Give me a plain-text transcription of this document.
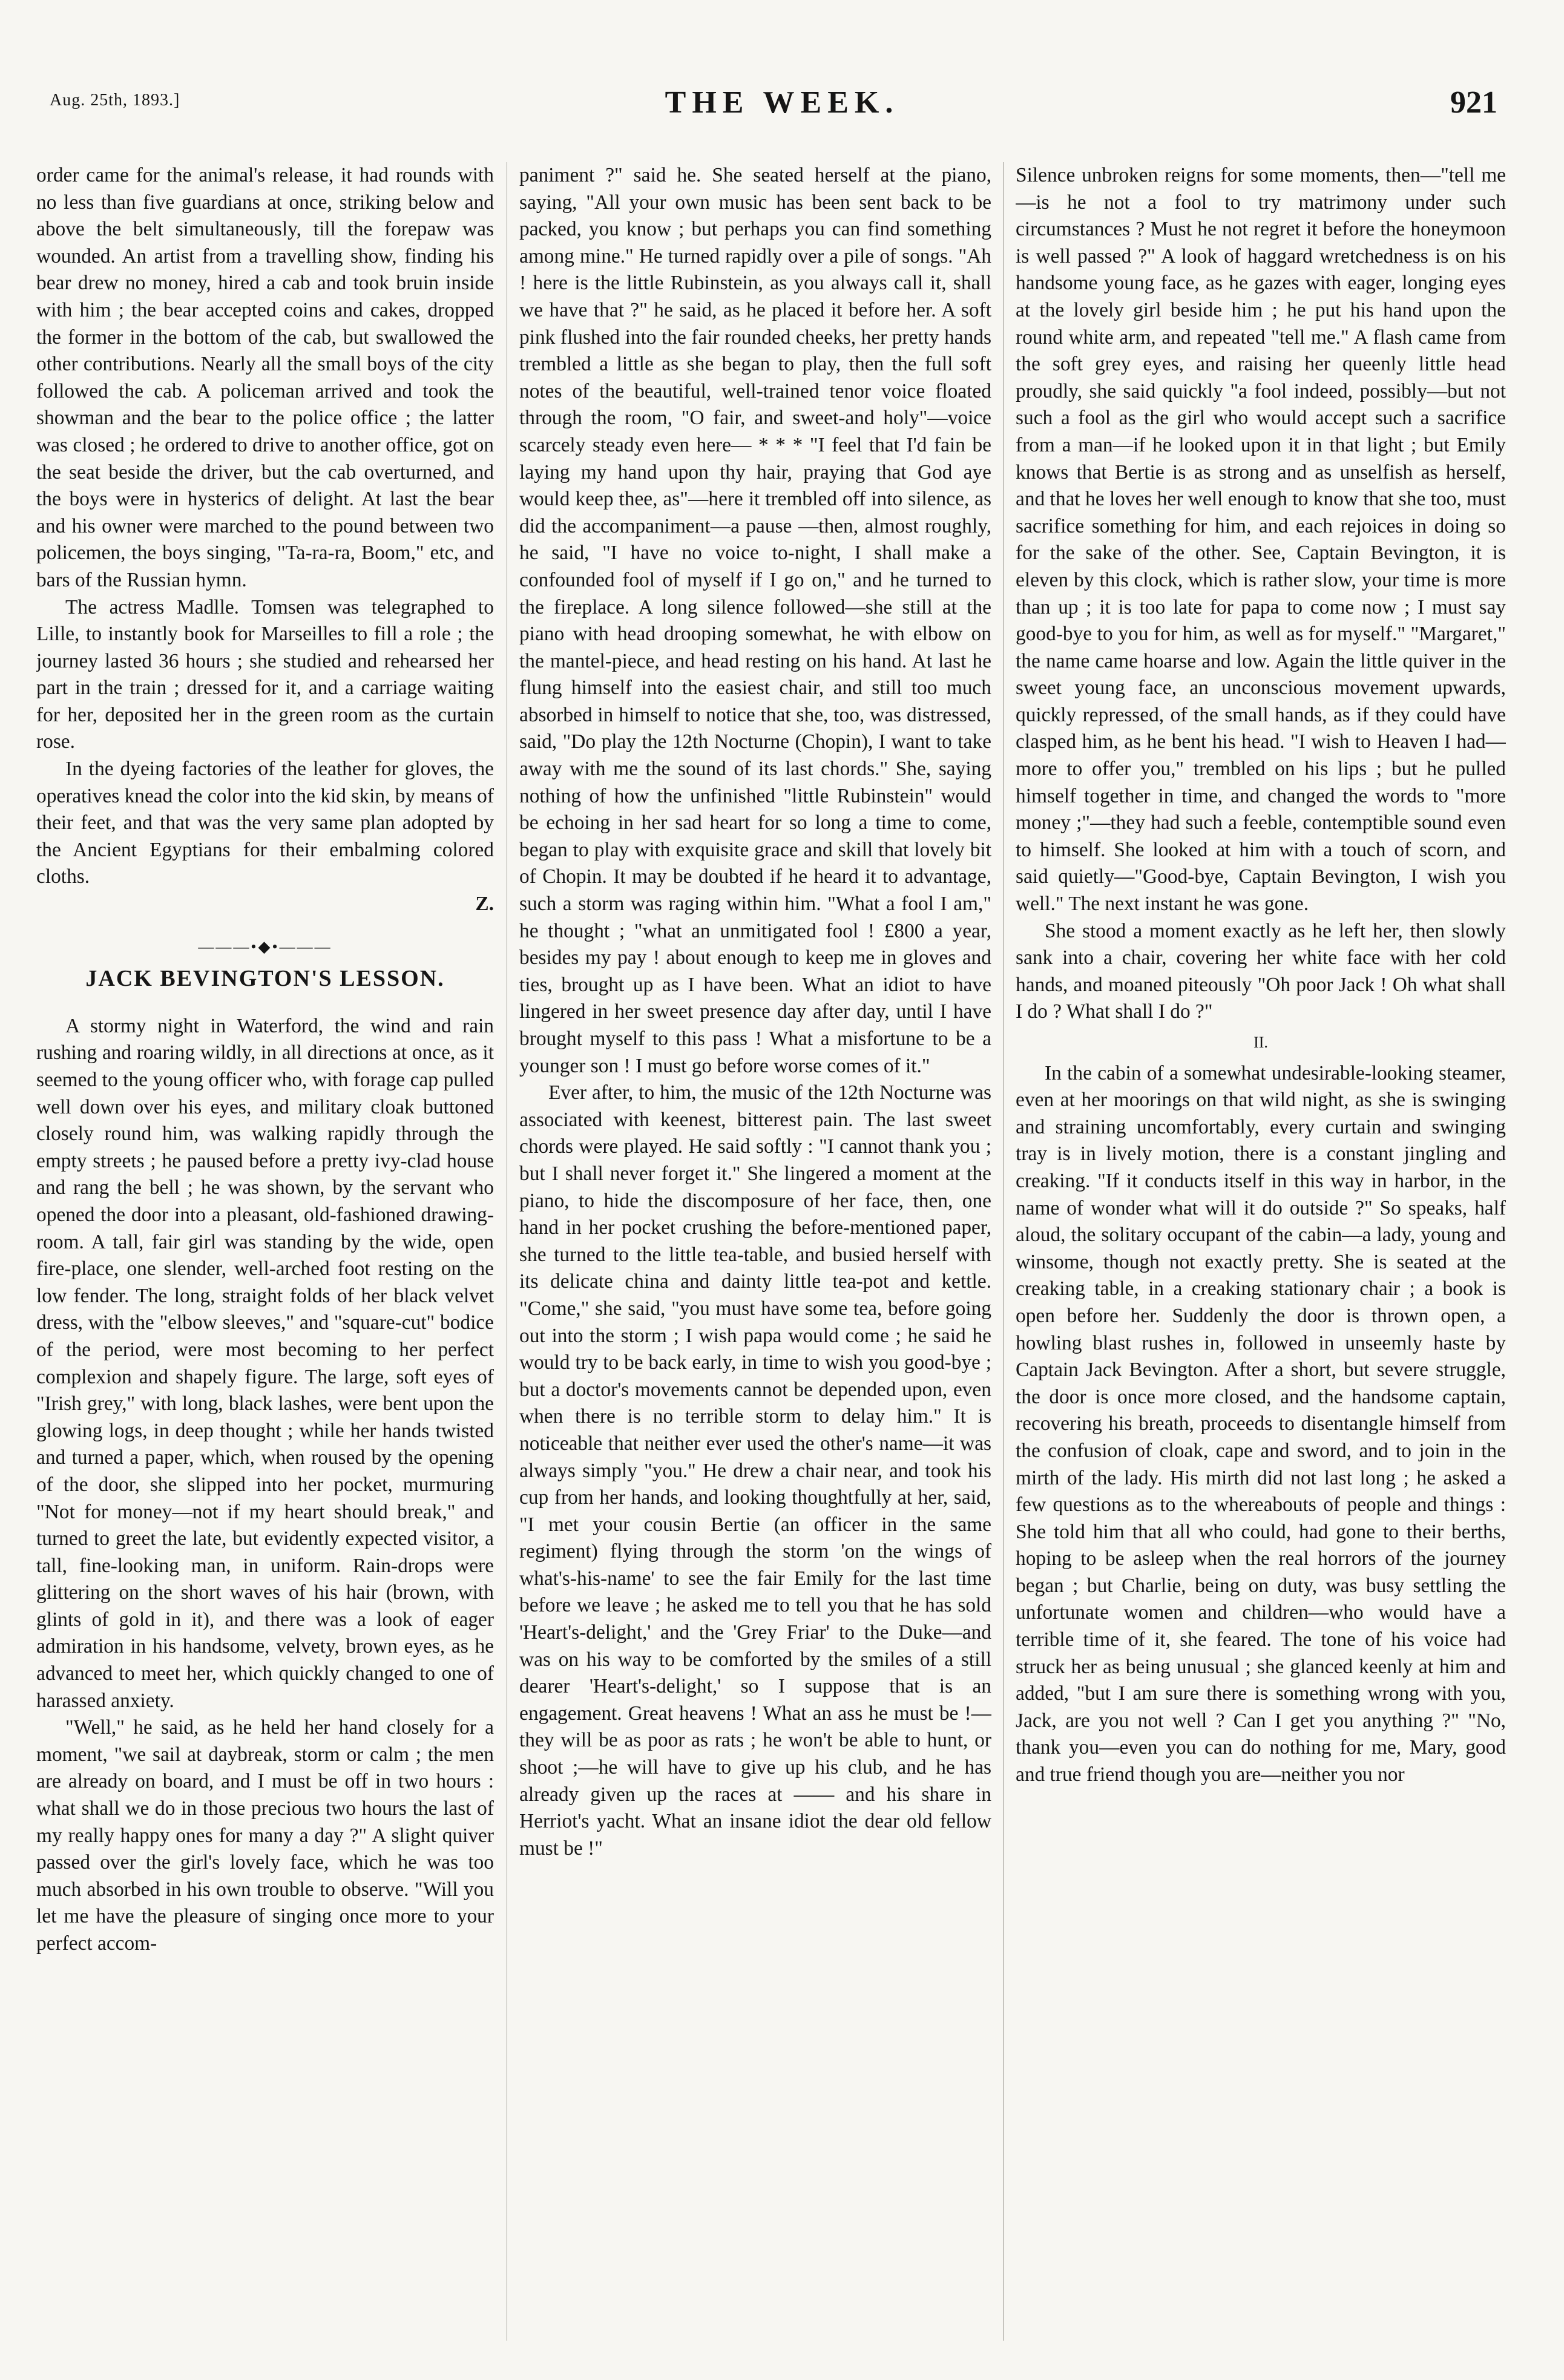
Aug. 25th, 1893.]	THE WEEK.	921

order came for the animal's release, it had rounds with no less than five guardians at once, striking below and above the belt simultaneously, till the forepaw was wounded. An artist from a travelling show, finding his bear drew no money, hired a cab and took bruin inside with him ; the bear accepted coins and cakes, dropped the former in the bottom of the cab, but swallowed the other contributions. Nearly all the small boys of the city followed the cab. A policeman arrived and took the showman and the bear to the police office ; the latter was closed ; he ordered to drive to another office, got on the seat beside the driver, but the cab overturned, and the boys were in hysterics of delight. At last the bear and his owner were marched to the pound between two policemen, the boys singing, "Ta-ra-ra, Boom," etc, and bars of the Russian hymn.

The actress Madlle. Tomsen was telegraphed to Lille, to instantly book for Marseilles to fill a role ; the journey lasted 36 hours ; she studied and rehearsed her part in the train ; dressed for it, and a carriage waiting for her, deposited her in the green room as the curtain rose.

In the dyeing factories of the leather for gloves, the operatives knead the color into the kid skin, by means of their feet, and that was the very same plan adopted by the Ancient Egyptians for their embalming colored cloths.

Z.

———•◆•———
JACK BEVINGTON'S LESSON.

A stormy night in Waterford, the wind and rain rushing and roaring wildly, in all directions at once, as it seemed to the young officer who, with forage cap pulled well down over his eyes, and military cloak buttoned closely round him, was walking rapidly through the empty streets ; he paused before a pretty ivy-clad house and rang the bell ; he was shown, by the servant who opened the door into a pleasant, old-fashioned drawing-room. A tall, fair girl was standing by the wide, open fire-place, one slender, well-arched foot resting on the low fender. The long, straight folds of her black velvet dress, with the "elbow sleeves," and "square-cut" bodice of the period, were most becoming to her perfect complexion and shapely figure. The large, soft eyes of "Irish grey," with long, black lashes, were bent upon the glowing logs, in deep thought ; while her hands twisted and turned a paper, which, when roused by the opening of the door, she slipped into her pocket, murmuring "Not for money—not if my heart should break," and turned to greet the late, but evidently expected visitor, a tall, fine-looking man, in uniform. Rain-drops were glittering on the short waves of his hair (brown, with glints of gold in it), and there was a look of eager admiration in his handsome, velvety, brown eyes, as he advanced to meet her, which quickly changed to one of harassed anxiety.

"Well," he said, as he held her hand closely for a moment, "we sail at daybreak, storm or calm ; the men are already on board, and I must be off in two hours : what shall we do in those precious two hours the last of my really happy ones for many a day ?" A slight quiver passed over the girl's lovely face, which he was too much absorbed in his own trouble to observe. "Will you let me have the pleasure of singing once more to your perfect accom-

paniment ?" said he. She seated herself at the piano, saying, "All your own music has been sent back to be packed, you know ; but perhaps you can find something among mine." He turned rapidly over a pile of songs. "Ah ! here is the little Rubinstein, as you always call it, shall we have that ?" he said, as he placed it before her. A soft pink flushed into the fair rounded cheeks, her pretty hands trembled a little as she began to play, then the full soft notes of the beautiful, well-trained tenor voice floated through the room, "O fair, and sweet-and holy"—voice scarcely steady even here— * * * "I feel that I'd fain be laying my hand upon thy hair, praying that God aye would keep thee, as"—here it trembled off into silence, as did the accompaniment—a pause —then, almost roughly, he said, "I have no voice to-night, I shall make a confounded fool of myself if I go on," and he turned to the fireplace. A long silence followed—she still at the piano with head drooping somewhat, he with elbow on the mantel-piece, and head resting on his hand. At last he flung himself into the easiest chair, and still too much absorbed in himself to notice that she, too, was distressed, said, "Do play the 12th Nocturne (Chopin), I want to take away with me the sound of its last chords." She, saying nothing of how the unfinished "little Rubinstein" would be echoing in her sad heart for so long a time to come, began to play with exquisite grace and skill that lovely bit of Chopin. It may be doubted if he heard it to advantage, such a storm was raging within him. "What a fool I am," he thought ; "what an unmitigated fool ! £800 a year, besides my pay ! about enough to keep me in gloves and ties, brought up as I have been. What an idiot to have lingered in her sweet presence day after day, until I have brought myself to this pass ! What a misfortune to be a younger son ! I must go before worse comes of it."

Ever after, to him, the music of the 12th Nocturne was associated with keenest, bitterest pain. The last sweet chords were played. He said softly : "I cannot thank you ; but I shall never forget it." She lingered a moment at the piano, to hide the discomposure of her face, then, one hand in her pocket crushing the before-mentioned paper, she turned to the little tea-table, and busied herself with its delicate china and dainty little tea-pot and kettle. "Come," she said, "you must have some tea, before going out into the storm ; I wish papa would come ; he said he would try to be back early, in time to wish you good-bye ; but a doctor's movements cannot be depended upon, even when there is no terrible storm to delay him." It is noticeable that neither ever used the other's name—it was always simply "you." He drew a chair near, and took his cup from her hands, and looking thoughtfully at her, said, "I met your cousin Bertie (an officer in the same regiment) flying through the storm 'on the wings of what's-his-name' to see the fair Emily for the last time before we leave ; he asked me to tell you that he has sold 'Heart's-delight,' and the 'Grey Friar' to the Duke—and was on his way to be comforted by the smiles of a still dearer 'Heart's-delight,' so I suppose that is an engagement. Great heavens ! What an ass he must be !—they will be as poor as rats ; he won't be able to hunt, or shoot ;—he will have to give up his club, and he has already given up the races at —— and his share in Herriot's yacht. What an insane idiot the dear old fellow must be !"

Silence unbroken reigns for some moments, then—"tell me—is he not a fool to try matrimony under such circumstances ? Must he not regret it before the honeymoon is well passed ?" A look of haggard wretchedness is on his handsome young face, as he gazes with eager, longing eyes at the lovely girl beside him ; he put his hand upon the round white arm, and repeated "tell me." A flash came from the soft grey eyes, and raising her queenly little head proudly, she said quickly "a fool indeed, possibly—but not such a fool as the girl who would accept such a sacrifice from a man—if he looked upon it in that light ; but Emily knows that Bertie is as strong and as unselfish as herself, and that he loves her well enough to know that she too, must sacrifice something for him, and each rejoices in doing so for the sake of the other. See, Captain Bevington, it is eleven by this clock, which is rather slow, your time is more than up ; it is too late for papa to come now ; I must say good-bye to you for him, as well as for myself." "Margaret," the name came hoarse and low. Again the little quiver in the sweet young face, an unconscious movement upwards, quickly repressed, of the small hands, as if they could have clasped him, as he bent his head. "I wish to Heaven I had—more to offer you," trembled on his lips ; but he pulled himself together in time, and changed the words to "more money ;"—they had such a feeble, contemptible sound even to himself. She looked at him with a touch of scorn, and said quietly—"Good-bye, Captain Bevington, I wish you well." The next instant he was gone.

She stood a moment exactly as he left her, then slowly sank into a chair, covering her white face with her cold hands, and moaned piteously "Oh poor Jack ! Oh what shall I do ? What shall I do ?"

II.

In the cabin of a somewhat undesirable-looking steamer, even at her moorings on that wild night, as she is swinging and straining uncomfortably, every curtain and swinging tray is in lively motion, there is a constant jingling and creaking. "If it conducts itself in this way in harbor, in the name of wonder what will it do outside ?" So speaks, half aloud, the solitary occupant of the cabin—a lady, young and winsome, though not exactly pretty. She is seated at the creaking table, in a creaking stationary chair ; a book is open before her. Suddenly the door is thrown open, a howling blast rushes in, followed in unseemly haste by Captain Jack Bevington. After a short, but severe struggle, the door is once more closed, and the handsome captain, recovering his breath, proceeds to disentangle himself from the confusion of cloak, cape and sword, and to join in the mirth of the lady. His mirth did not last long ; he asked a few questions as to the whereabouts of people and things : She told him that all who could, had gone to their berths, hoping to be asleep when the real horrors of the journey began ; but Charlie, being on duty, was busy settling the unfortunate women and children—who would have a terrible time of it, she feared. The tone of his voice had struck her as being unusual ; she glanced keenly at him and added, "but I am sure there is something wrong with you, Jack, are you not well ? Can I get you anything ?" "No, thank you—even you can do nothing for me, Mary, good and true friend though you are—neither you nor
